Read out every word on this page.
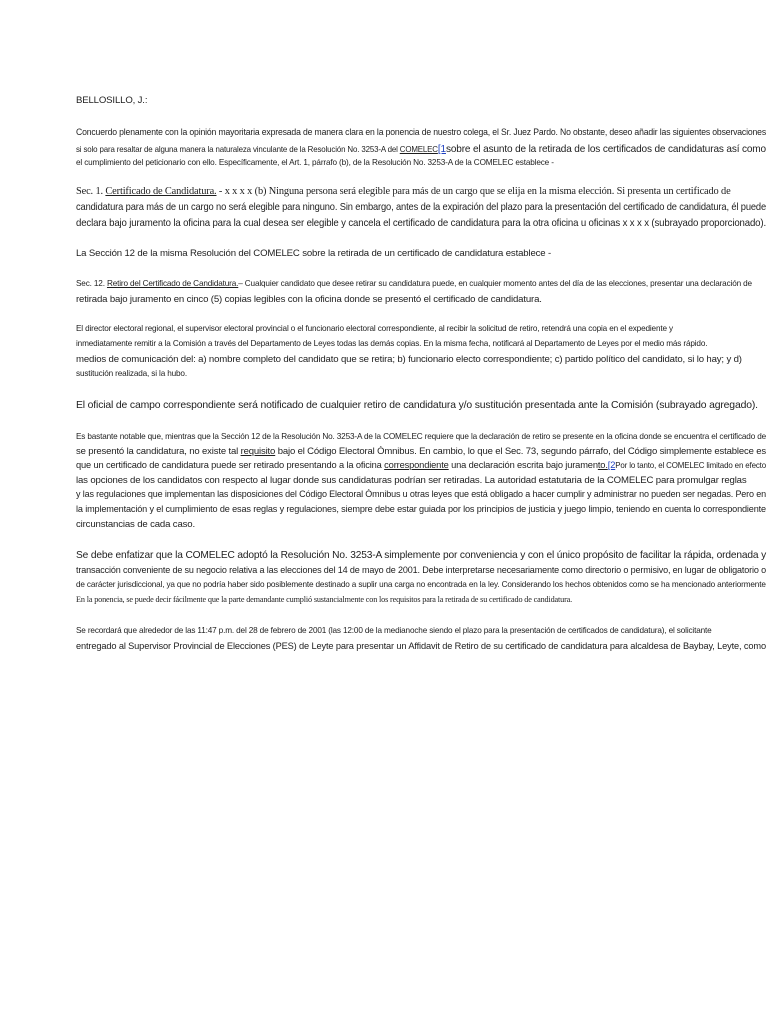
BELLOSILLO, J.:
Concuerdo plenamente con la opinión mayoritaria expresada de manera clara en la ponencia de nuestro colega, el Sr. Juez Pardo. No obstante, deseo añadir las siguientes observaciones
si solo para resaltar de alguna manera la naturaleza vinculante de la Resolución No. 3253-A del COMELEC[1sobre el asunto de la retirada de los certificados de candidaturas así como
el cumplimiento del peticionario con ello. Específicamente, el Art. 1, párrafo (b), de la Resolución No. 3253-A de la COMELEC establece -
Sec. 1. Certificado de Candidatura. - x x x x (b) Ninguna persona será elegible para más de un cargo que se elija en la misma elección. Si presenta un certificado de
candidatura para más de un cargo no será elegible para ninguno. Sin embargo, antes de la expiración del plazo para la presentación del certificado de candidatura, él puede
declara bajo juramento la oficina para la cual desea ser elegible y cancela el certificado de candidatura para la otra oficina u oficinas x x x x (subrayado proporcionado).
La Sección 12 de la misma Resolución del COMELEC sobre la retirada de un certificado de candidatura establece -
Sec. 12. Retiro del Certificado de Candidatura.– Cualquier candidato que desee retirar su candidatura puede, en cualquier momento antes del día de las elecciones, presentar una declaración de
retirada bajo juramento en cinco (5) copias legibles con la oficina donde se presentó el certificado de candidatura.
El director electoral regional, el supervisor electoral provincial o el funcionario electoral correspondiente, al recibir la solicitud de retiro, retendrá una copia en el expediente y
inmediatamente remitir a la Comisión a través del Departamento de Leyes todas las demás copias. En la misma fecha, notificará al Departamento de Leyes por el medio más rápido.
medios de comunicación del: a) nombre completo del candidato que se retira; b) funcionario electo correspondiente; c) partido político del candidato, si lo hay; y d)
sustitución realizada, si la hubo.
El oficial de campo correspondiente será notificado de cualquier retiro de candidatura y/o sustitución presentada ante la Comisión (subrayado agregado).
Es bastante notable que, mientras que la Sección 12 de la Resolución No. 3253-A de la COMELEC requiere que la declaración de retiro se presente en la oficina donde se encuentra el certificado de
se presentó la candidatura, no existe tal requisito bajo el Código Electoral Ómnibus. En cambio, lo que el Sec. 73, segundo párrafo, del Código simplemente establece es
que un certificado de candidatura puede ser retirado presentando a la oficina correspondiente una declaración escrita bajo juramento.[2Por lo tanto, el COMELEC limitado en efecto
las opciones de los candidatos con respecto al lugar donde sus candidaturas podrían ser retiradas. La autoridad estatutaria de la COMELEC para promulgar reglas
y las regulaciones que implementan las disposiciones del Código Electoral Ómnibus u otras leyes que está obligado a hacer cumplir y administrar no pueden ser negadas. Pero en
la implementación y el cumplimiento de esas reglas y regulaciones, siempre debe estar guiada por los principios de justicia y juego limpio, teniendo en cuenta lo correspondiente
circunstancias de cada caso.
Se debe enfatizar que la COMELEC adoptó la Resolución No. 3253-A simplemente por conveniencia y con el único propósito de facilitar la rápida, ordenada y
transacción conveniente de su negocio relativa a las elecciones del 14 de mayo de 2001. Debe interpretarse necesariamente como directorio o permisivo, en lugar de obligatorio o
de carácter jurisdiccional, ya que no podría haber sido posiblemente destinado a suplir una carga no encontrada en la ley. Considerando los hechos obtenidos como se ha mencionado anteriormente
En la ponencia, se puede decir fácilmente que la parte demandante cumplió sustancialmente con los requisitos para la retirada de su certificado de candidatura.
Se recordará que alrededor de las 11:47 p.m. del 28 de febrero de 2001 (las 12:00 de la medianoche siendo el plazo para la presentación de certificados de candidatura), el solicitante
entregado al Supervisor Provincial de Elecciones (PES) de Leyte para presentar un Affidavit de Retiro de su certificado de candidatura para alcaldesa de Baybay, Leyte, como
